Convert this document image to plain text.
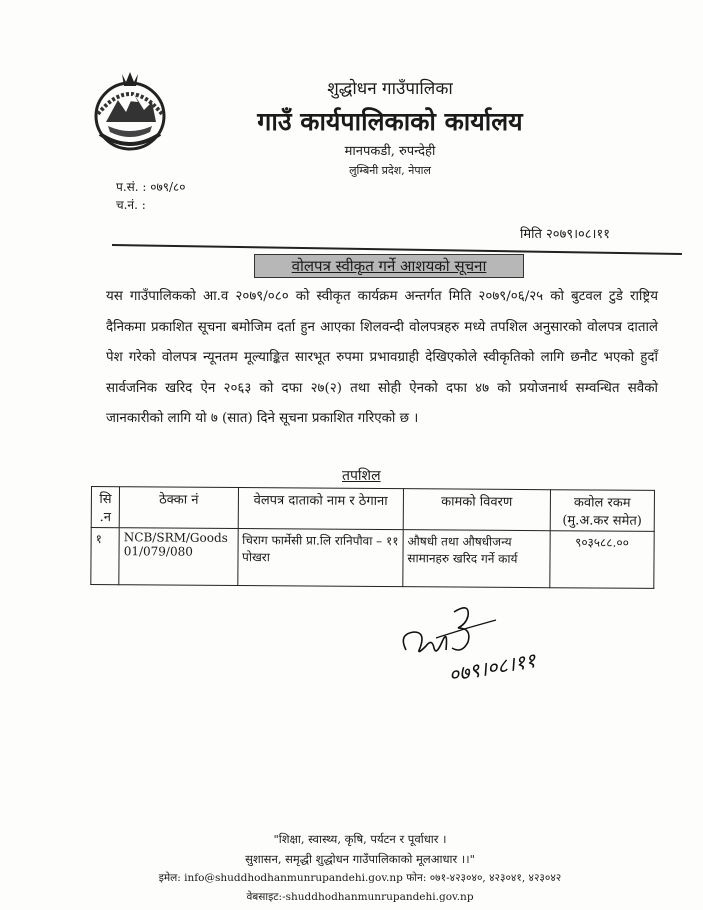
शुद्धोधन गाउँपालिका
गाउँ कार्यपालिकाको कार्यालय
मानपकडी, रुपन्देही
लुम्बिनी प्रदेश, नेपाल
प.सं. : ०७९/८०
च.नं. :
मिति २०७९।०८।११
वोलपत्र स्वीकृत गर्ने आशयको सूचना
यस गाउँपालिकको आ.व २०७९/०८० को स्वीकृत कार्यक्रम अन्तर्गत मिति २०७९/०६/२५ को बुटवल टुडे राष्ट्रिय दैनिकमा प्रकाशित सूचना बमोजिम दर्ता हुन आएका शिलवन्दी वोलपत्रहरु मध्ये तपशिल अनुसारको वोलपत्र दाताले पेश गरेको वोलपत्र न्यूनतम मूल्याङ्कित सारभूत रुपमा प्रभावग्राही देखिएकोले स्वीकृतिको लागि छनौट भएको हुदाँ सार्वजनिक खरिद ऐन २०६३ को दफा २७(२) तथा सोही ऐनको दफा ४७ को प्रयोजनार्थ सम्वन्धित सवैको जानकारीको लागि यो ७ (सात) दिने सूचना प्रकाशित गरिएको छ ।
तपशिल
सि .न	ठेक्का नं	वेलपत्र दाताको नाम र ठेगाना	कामको विवरण	कवोल रकम (मु.अ.कर समेत)
१	NCB/SRM/Goods 01/079/080	चिराग फार्मेसी प्रा.लि रानिपौवा – ११ पोखरा	औषधी तथा औषधीजन्य सामानहरु खरिद गर्ने कार्य	९०३५८८.००
०७९।०८।११
"शिक्षा, स्वास्थ्य, कृषि, पर्यटन र पूर्वाधार ।
सुशासन, समृद्धी शुद्धोधन गाउँपालिकाको मूलआधार ।।"
इमेल: info@shuddhodhanmunrupandehi.gov.np फोन: ०७१-४२३०४०, ४२३०४१, ४२३०४२
वेबसाइट:-shuddhodhanmunrupandehi.gov.np
